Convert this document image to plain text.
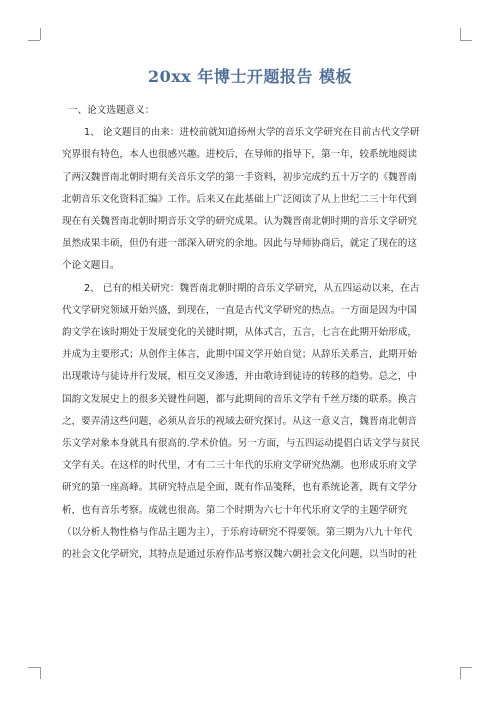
20xx 年博士开题报告 模板

一、论文选题意义：

1、 论文题目的由来：进校前就知道扬州大学的音乐文学研究在目前古代文学研

究界很有特色，本人也很感兴趣。进校后，在导师的指导下，第一年，较系统地阅读

了两汉魏晋南北朝时期有关音乐文学的第一手资料，初步完成约五十万字的《魏晋南

北朝音乐文化资料汇编》工作。后来又在此基础上广泛阅读了从上世纪二三十年代到

现在有关魏晋南北朝时期音乐文学的研究成果。认为魏晋南北朝时期的音乐文学研究

虽然成果丰硕，但仍有进一部深入研究的余地。因此与导师协商后，就定了现在的这

个论文题目。

2、 已有的相关研究：魏晋南北朝时期的音乐文学研究，从五四运动以来，在古

代文学研究领域开始兴盛，到现在，一直是古代文学研究的热点。一方面是因为中国

韵文学在该时期处于发展变化的关键时期，从体式言，五言，七言在此期开始形成，

并成为主要形式；从创作主体言，此期中国文学开始自觉；从辞乐关系言，此期开始

出现歌诗与徒诗并行发展，相互交叉渗透，并由歌诗到徒诗的转移的趋势。总之，中

国韵文发展史上的很多关键性问题，都与此期间的音乐文学有千丝万缕的联系。换言

之，要弄清这些问题，必须从音乐的视域去研究探讨。从这一意义言，魏晋南北朝音

乐文学对象本身就具有很高的.学术价值。另一方面，与五四运动提倡白话文学与贫民

文学有关。在这样的时代里，才有二三十年代的乐府文学研究热潮。也形成乐府文学

研究的第一座高峰。其研究特点是全面，既有作品笺释，也有系统论著，既有文学分

析，也有音乐考察。成就也很高。第二个时期为六七十年代乐府文学的主题学研究

（以分析人物性格与作品主题为主），于乐府诗研究不得要领。第三期为八九十年代

的社会文化学研究，其特点是通过乐府作品考察汉魏六朝社会文化问题，以当时的社
